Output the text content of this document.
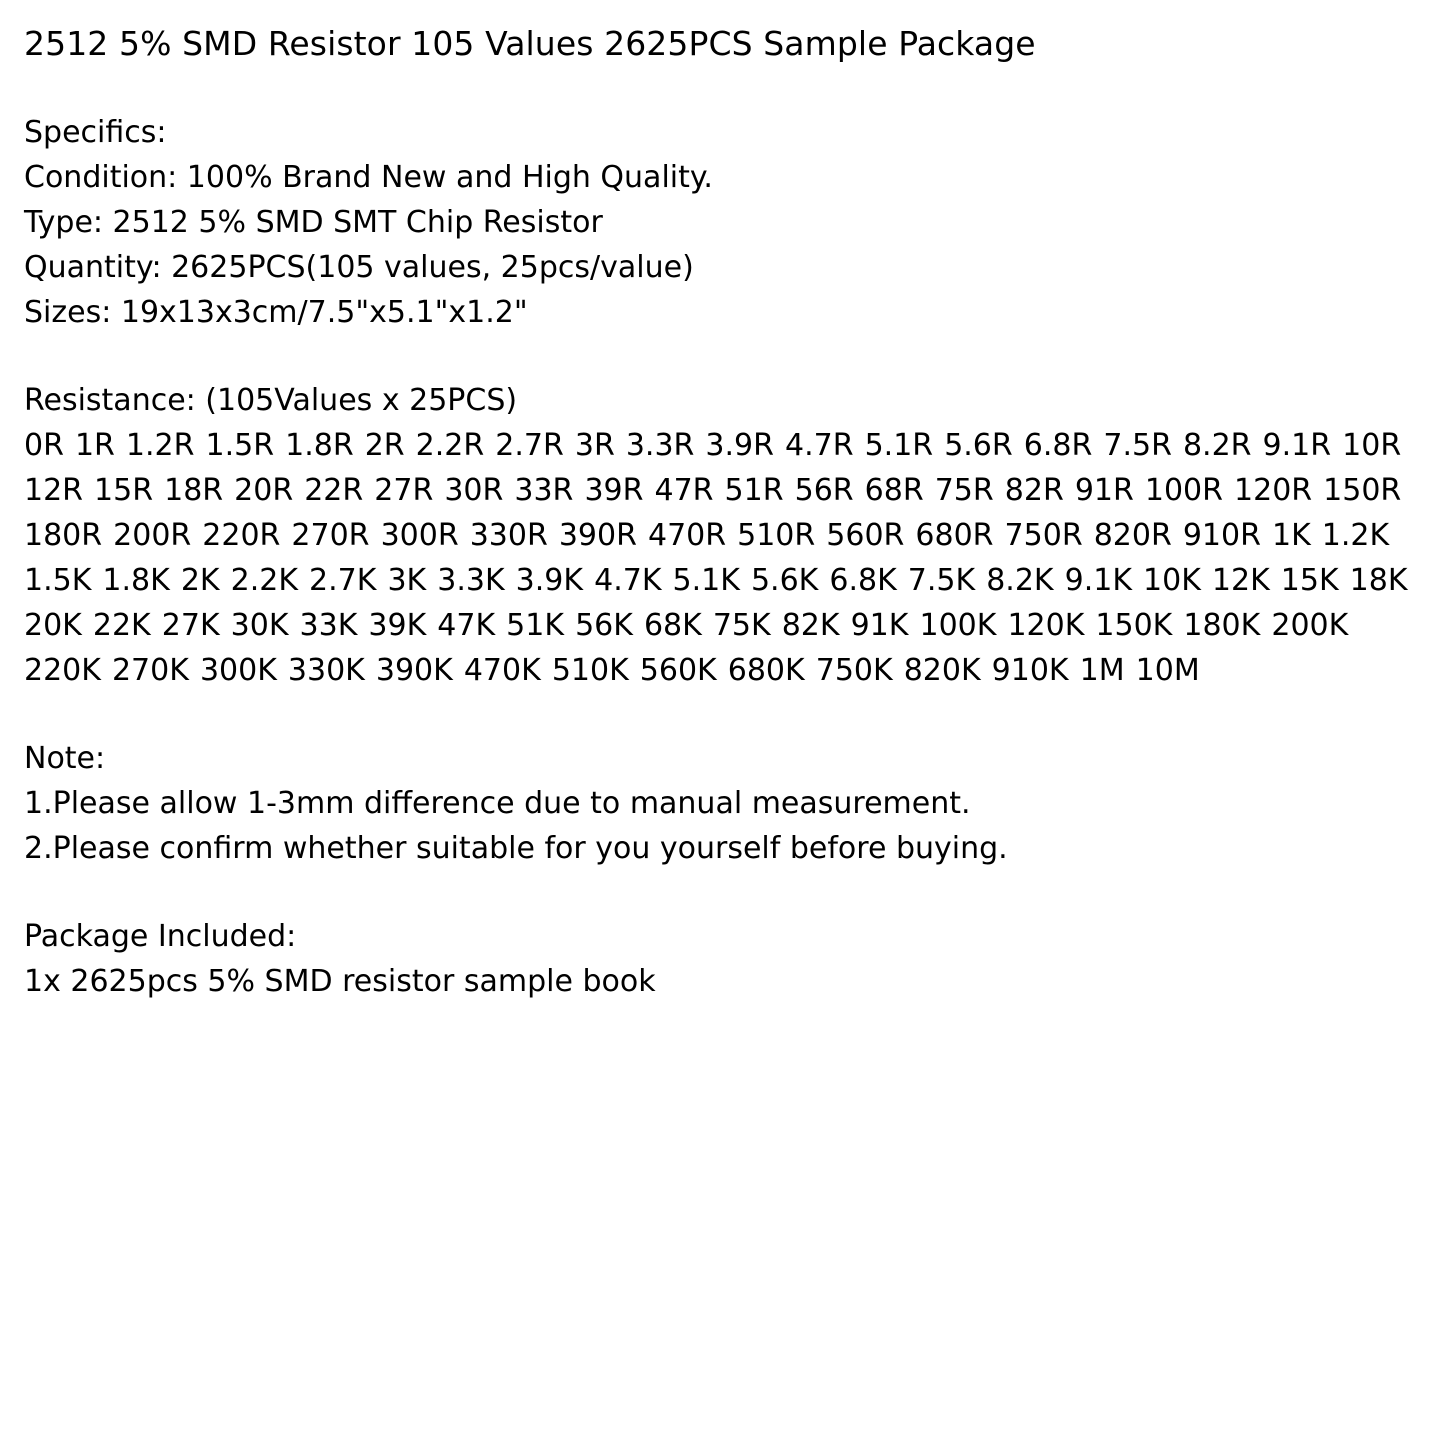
2512 5% SMD Resistor 105 Values 2625PCS Sample Package
Specifics:
Condition: 100% Brand New and High Quality.
Type: 2512 5% SMD SMT Chip Resistor
Quantity: 2625PCS(105 values, 25pcs/value)
Sizes: 19x13x3cm/7.5"x5.1"x1.2"
Resistance: (105Values x 25PCS)
0R 1R 1.2R 1.5R 1.8R 2R 2.2R 2.7R 3R 3.3R 3.9R 4.7R 5.1R 5.6R 6.8R 7.5R 8.2R 9.1R 10R 12R 15R 18R 20R 22R 27R 30R 33R 39R 47R 51R 56R 68R 75R 82R 91R 100R 120R 150R 180R 200R 220R 270R 300R 330R 390R 470R 510R 560R 680R 750R 820R 910R 1K 1.2K 1.5K 1.8K 2K 2.2K 2.7K 3K 3.3K 3.9K 4.7K 5.1K 5.6K 6.8K 7.5K 8.2K 9.1K 10K 12K 15K 18K 20K 22K 27K 30K 33K 39K 47K 51K 56K 68K 75K 82K 91K 100K 120K 150K 180K 200K 220K 270K 300K 330K 390K 470K 510K 560K 680K 750K 820K 910K 1M 10M
Note:
1.Please allow 1-3mm difference due to manual measurement.
2.Please confirm whether suitable for you yourself before buying.
Package Included:
1x 2625pcs 5% SMD resistor sample book
